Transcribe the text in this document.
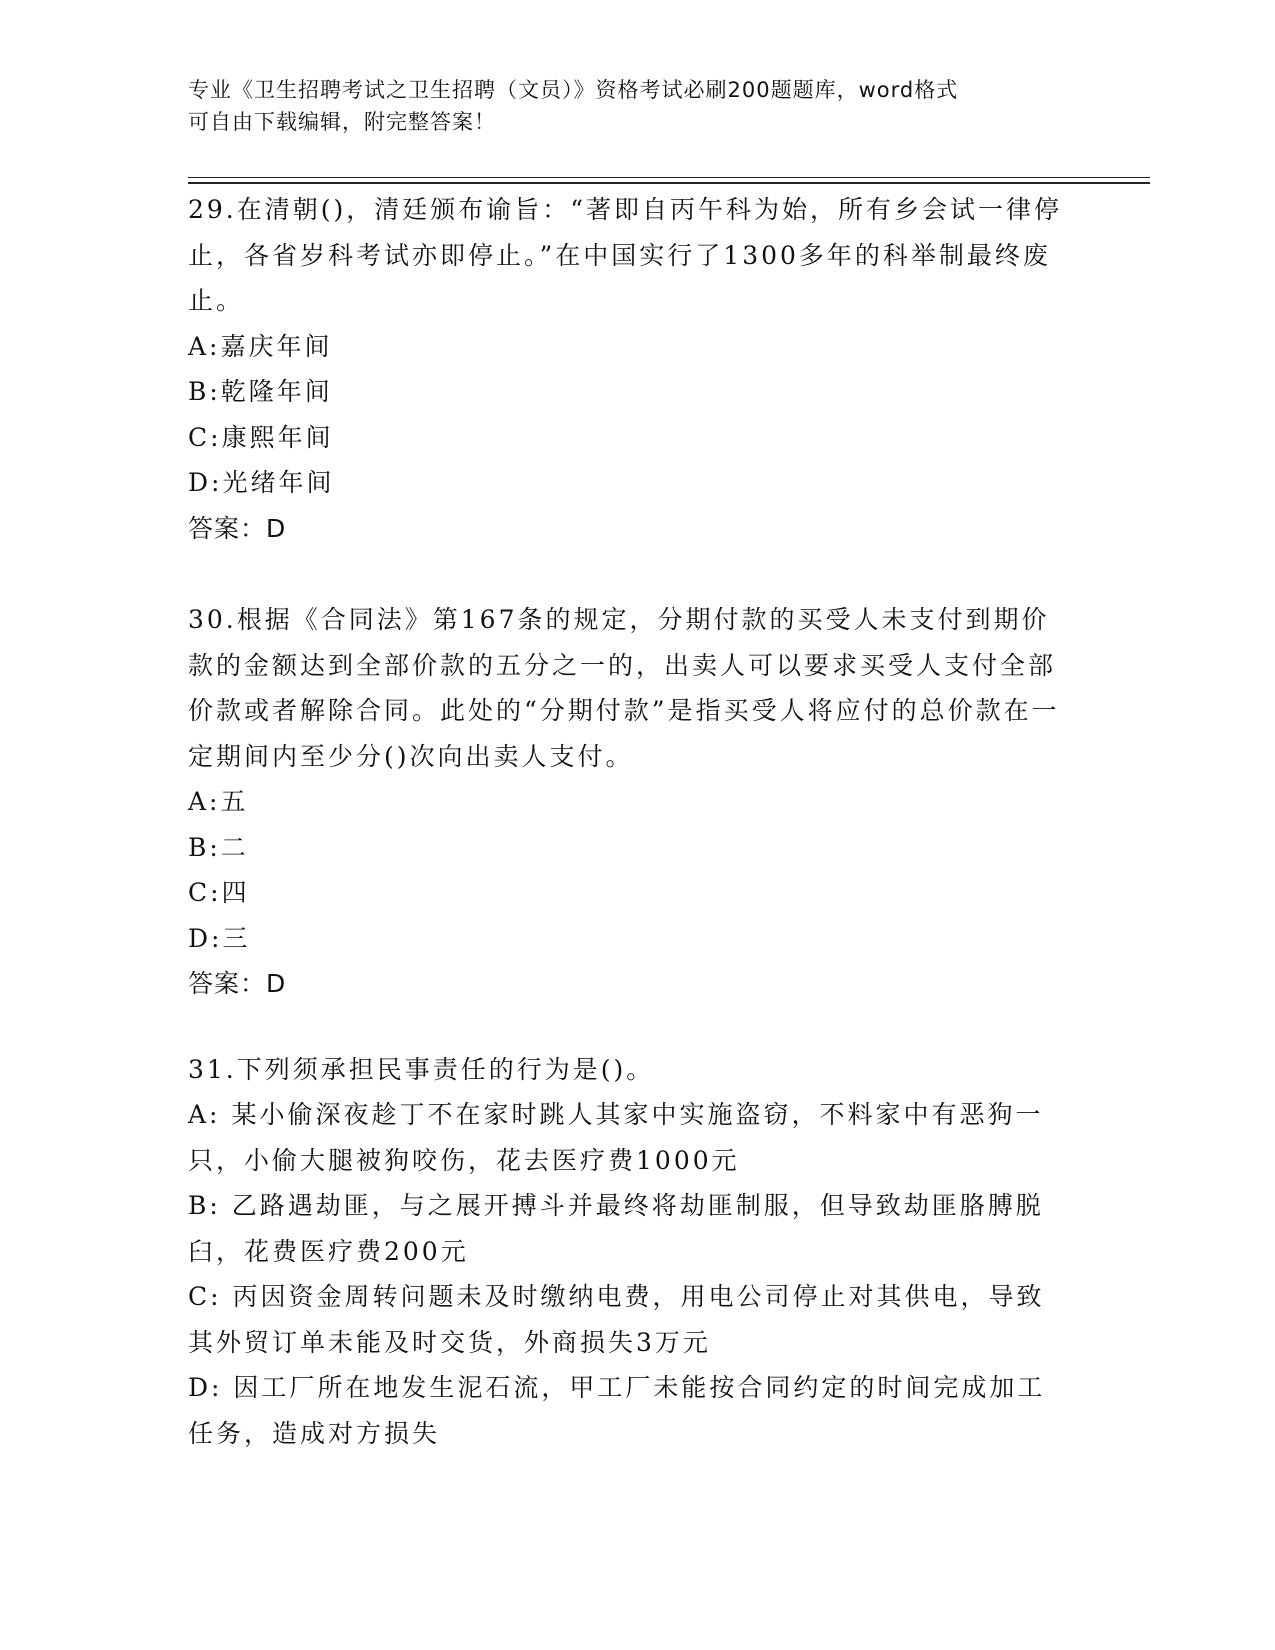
专业《卫生招聘考试之卫生招聘（文员）》资格考试必刷200题题库，word格式
可自由下载编辑，附完整答案！

29.在清朝()，清廷颁布谕旨：“著即自丙午科为始，所有乡会试一律停止，各省岁科考试亦即停止。”在中国实行了1300多年的科举制最终废止。

A: 嘉庆年间
B: 乾隆年间
C: 康熙年间
D: 光绪年间
答案：D

30.根据《合同法》第167条的规定，分期付款的买受人未支付到期价款的金额达到全部价款的五分之一的，出卖人可以要求买受人支付全部价款或者解除合同。此处的“分期付款”是指买受人将应付的总价款在一定期间内至少分()次向出卖人支付。

A: 五
B: 二
C: 四
D: 三
答案：D

31.下列须承担民事责任的行为是()。

A: 某小偷深夜趁丁不在家时跳人其家中实施盗窃，不料家中有恶狗一只，小偷大腿被狗咬伤，花去医疗费1000元
B: 乙路遇劫匪，与之展开搏斗并最终将劫匪制服，但导致劫匪胳膊脱臼，花费医疗费200元
C: 丙因资金周转问题未及时缴纳电费，用电公司停止对其供电，导致其外贸订单未能及时交货，外商损失3万元
D: 因工厂所在地发生泥石流，甲工厂未能按合同约定的时间完成加工任务，造成对方损失
